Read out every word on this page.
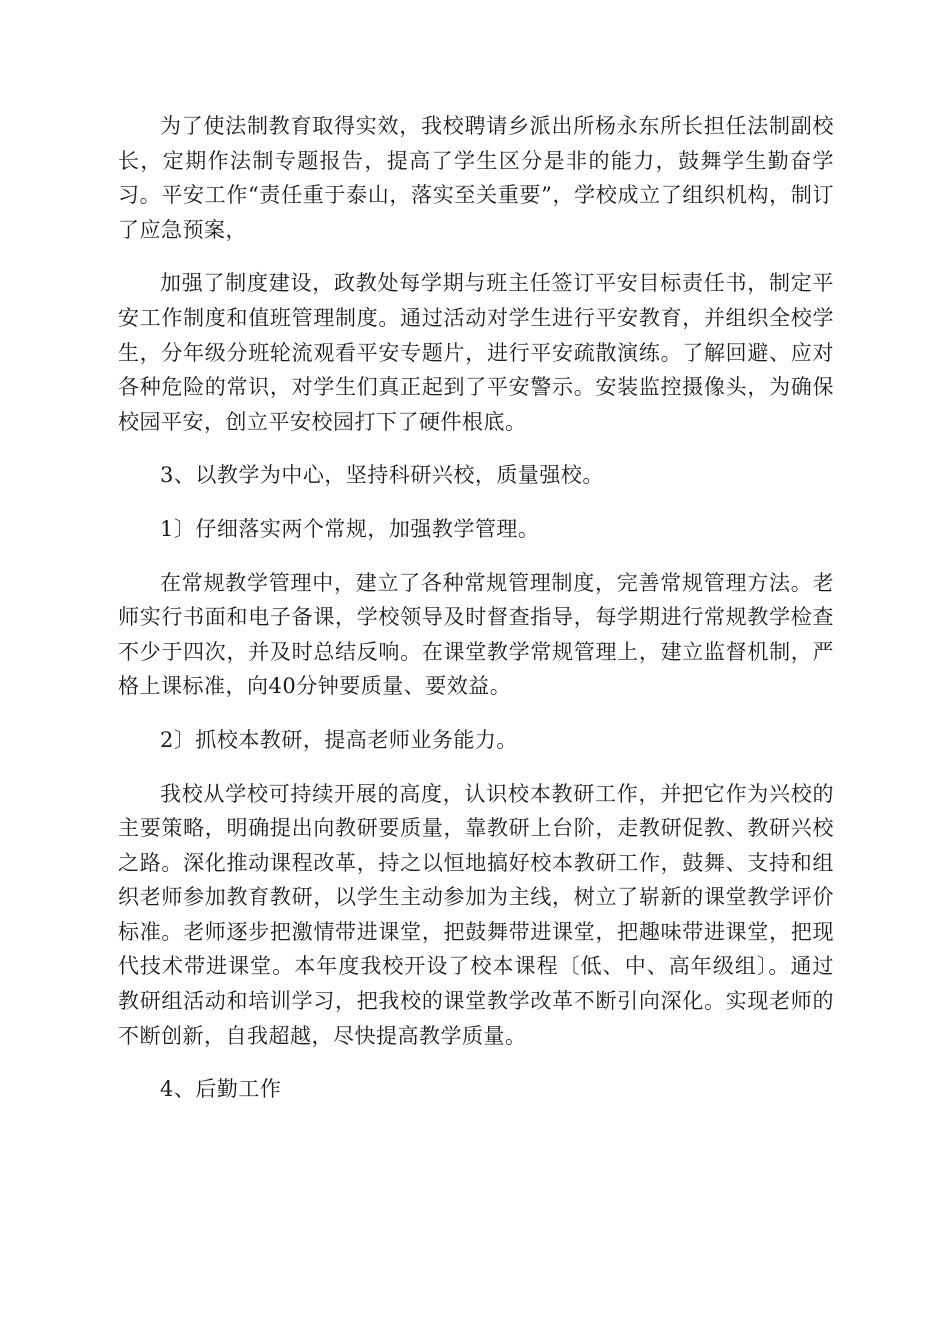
为了使法制教育取得实效，我校聘请乡派出所杨永东所长担任法制副校长，定期作法制专题报告，提高了学生区分是非的能力，鼓舞学生勤奋学习。平安工作“责任重于泰山，落实至关重要”，学校成立了组织机构，制订了应急预案，

加强了制度建设，政教处每学期与班主任签订平安目标责任书，制定平安工作制度和值班管理制度。通过活动对学生进行平安教育，并组织全校学生，分年级分班轮流观看平安专题片，进行平安疏散演练。了解回避、应对各种危险的常识，对学生们真正起到了平安警示。安装监控摄像头，为确保校园平安，创立平安校园打下了硬件根底。

3、以教学为中心，坚持科研兴校，质量强校。

1〕仔细落实两个常规，加强教学管理。

在常规教学管理中，建立了各种常规管理制度，完善常规管理方法。老师实行书面和电子备课，学校领导及时督查指导，每学期进行常规教学检查不少于四次，并及时总结反响。在课堂教学常规管理上，建立监督机制，严格上课标准，向40分钟要质量、要效益。

2〕抓校本教研，提高老师业务能力。

我校从学校可持续开展的高度，认识校本教研工作，并把它作为兴校的主要策略，明确提出向教研要质量，靠教研上台阶，走教研促教、教研兴校之路。深化推动课程改革，持之以恒地搞好校本教研工作，鼓舞、支持和组织老师参加教育教研，以学生主动参加为主线，树立了崭新的课堂教学评价标准。老师逐步把激情带进课堂，把鼓舞带进课堂，把趣味带进课堂，把现代技术带进课堂。本年度我校开设了校本课程〔低、中、高年级组〕。通过教研组活动和培训学习，把我校的课堂教学改革不断引向深化。实现老师的不断创新，自我超越，尽快提高教学质量。

4、后勤工作
